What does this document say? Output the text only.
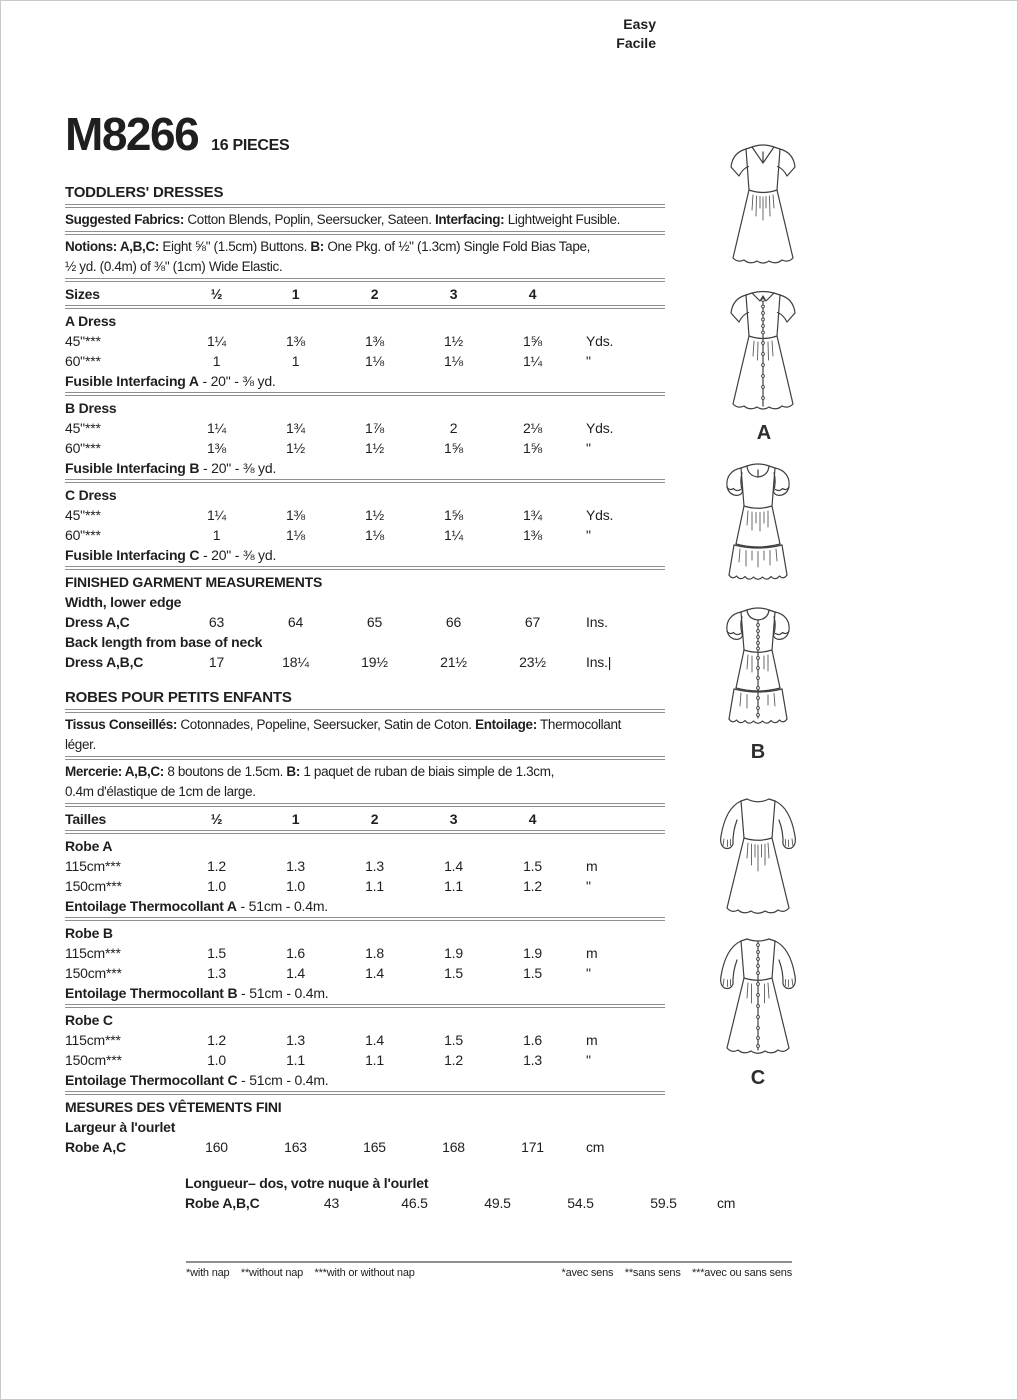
Easy
Facile
M8266 16 PIECES
TODDLERS' DRESSES
Suggested Fabrics: Cotton Blends, Poplin, Seersucker, Sateen. Interfacing: Lightweight Fusible.
Notions: A,B,C: Eight ⅝" (1.5cm) Buttons. B: One Pkg. of ½" (1.3cm) Single Fold Bias Tape,
½ yd. (0.4m) of ⅜" (1cm) Wide Elastic.
Sizes	½	1	2	3	4
A Dress
45"***	1¼	1⅜	1⅜	1½	1⅝	Yds.
60"***	1	1	1⅛	1⅛	1¼	"
Fusible Interfacing A - 20" - ⅜ yd.
B Dress
45"***	1¼	1¾	1⅞	2	2⅛	Yds.
60"***	1⅜	1½	1½	1⅝	1⅝	"
Fusible Interfacing B - 20" - ⅜ yd.
C Dress
45"***	1¼	1⅜	1½	1⅝	1¾	Yds.
60"***	1	1⅛	1⅛	1¼	1⅜	"
Fusible Interfacing C - 20" - ⅜ yd.
FINISHED GARMENT MEASUREMENTS
Width, lower edge
Dress A,C	63	64	65	66	67	Ins.
Back length from base of neck
Dress A,B,C	17	18¼	19½	21½	23½	Ins.|
ROBES POUR PETITS ENFANTS
Tissus Conseillés: Cotonnades, Popeline, Seersucker, Satin de Coton. Entoilage: Thermocollant
léger.
Mercerie: A,B,C: 8 boutons de 1.5cm. B: 1 paquet de ruban de biais simple de 1.3cm,
0.4m d'élastique de 1cm de large.
Tailles	½	1	2	3	4
Robe A
115cm***	1.2	1.3	1.3	1.4	1.5	m
150cm***	1.0	1.0	1.1	1.1	1.2	"
Entoilage Thermocollant A - 51cm - 0.4m.
Robe B
115cm***	1.5	1.6	1.8	1.9	1.9	m
150cm***	1.3	1.4	1.4	1.5	1.5	"
Entoilage Thermocollant B - 51cm - 0.4m.
Robe C
115cm***	1.2	1.3	1.4	1.5	1.6	m
150cm***	1.0	1.1	1.1	1.2	1.3	"
Entoilage Thermocollant C - 51cm - 0.4m.
MESURES DES VÊTEMENTS FINI
Largeur à l'ourlet
Robe A,C	160	163	165	168	171	cm
Longueur– dos, votre nuque à l'ourlet
Robe A,B,C	43	46.5	49.5	54.5	59.5	cm
A
B
C
*with nap    **without nap    ***with or without nap	*avec sens    **sans sens    ***avec ou sans sens
